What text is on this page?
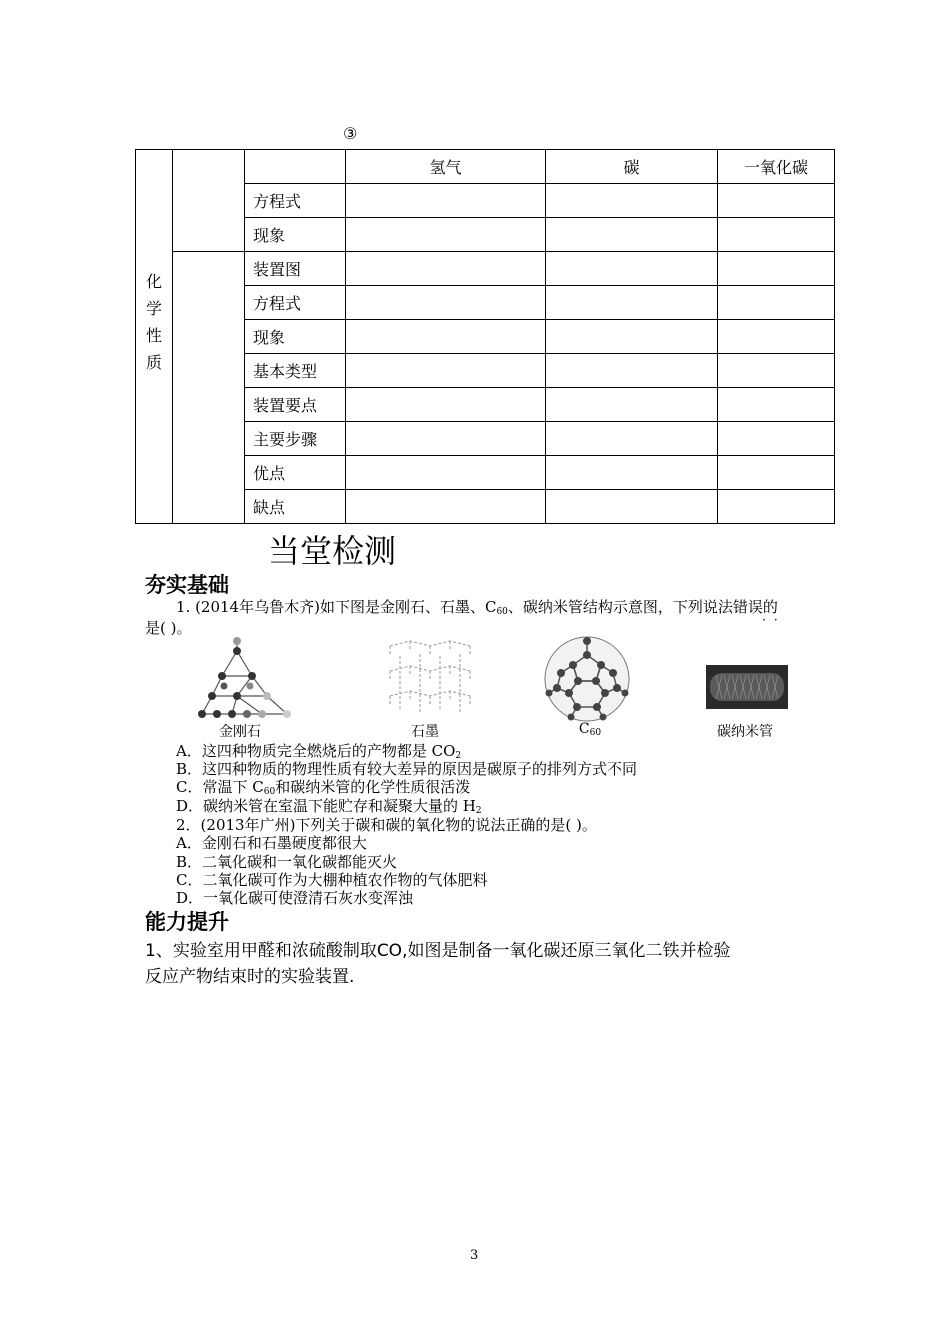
③
化
学
性
质			氢气	碳	一氧化碳
		方程式			
		现象			
		装置图			
		方程式			
		现象			
		基本类型			
		装置要点			
		主要步骤			
		优点			
		缺点			
当堂检测
夯实基础
1. (2014年乌鲁木齐)如下图是金刚石、石墨、$C_{60}$、碳纳米管结构示意图，下列说法错误的
··
是( )。
金刚石	石墨	$C_{60}$	碳纳米管
A．这四种物质完全燃烧后的产物都是 $CO_2$
B．这四种物质的物理性质有较大差异的原因是碳原子的排列方式不同
C．常温下 $C_{60}$和碳纳米管的化学性质很活泼
D．碳纳米管在室温下能贮存和凝聚大量的 $H_2$
2．(2013年广州)下列关于碳和碳的氧化物的说法正确的是( )。
A．金刚石和石墨硬度都很大
B．二氧化碳和一氧化碳都能灭火
C．二氧化碳可作为大棚种植农作物的气体肥料
D．一氧化碳可使澄清石灰水变浑浊
能力提升
1、实验室用甲醛和浓硫酸制取CO,如图是制备一氧化碳还原三氧化二铁并检验
反应产物结束时的实验装置.
3
